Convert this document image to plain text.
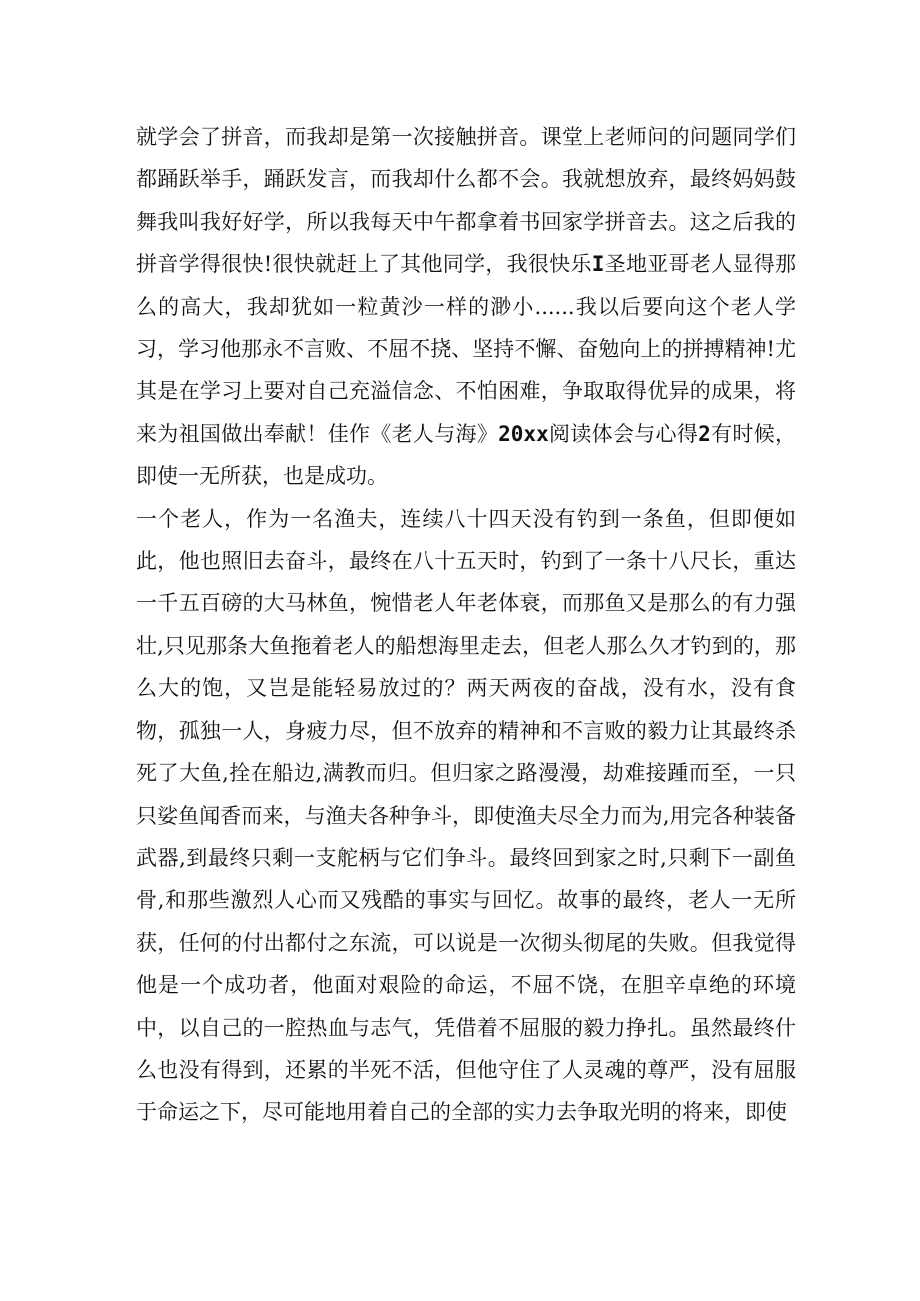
就学会了拼音，而我却是第一次接触拼音。课堂上老师问的问题同学们都踊跃举手，踊跃发言，而我却什么都不会。我就想放弃，最终妈妈鼓舞我叫我好好学，所以我每天中午都拿着书回家学拼音去。这之后我的拼音学得很快!很快就赶上了其他同学，我很快乐I圣地亚哥老人显得那么的高大，我却犹如一粒黄沙一样的渺小......我以后要向这个老人学习，学习他那永不言败、不屈不挠、坚持不懈、奋勉向上的拼搏精神!尤其是在学习上要对自己充溢信念、不怕困难，争取取得优异的成果，将来为祖国做出奉献！佳作《老人与海》20xx阅读体会与心得2有时候，即使一无所获，也是成功。

一个老人，作为一名渔夫，连续八十四天没有钓到一条鱼，但即便如此，他也照旧去奋斗，最终在八十五天时，钓到了一条十八尺长，重达一千五百磅的大马林鱼，惋惜老人年老体衰，而那鱼又是那么的有力强壮,只见那条大鱼拖着老人的船想海里走去，但老人那么久才钓到的，那么大的饱，又岂是能轻易放过的？两天两夜的奋战，没有水，没有食物，孤独一人，身疲力尽，但不放弃的精神和不言败的毅力让其最终杀死了大鱼,拴在船边,满教而归。但归家之路漫漫，劫难接踵而至，一只只娑鱼闻香而来，与渔夫各种争斗，即使渔夫尽全力而为,用完各种装备武器,到最终只剩一支舵柄与它们争斗。最终回到家之时,只剩下一副鱼骨,和那些激烈人心而又残酷的事实与回忆。故事的最终，老人一无所获，任何的付出都付之东流，可以说是一次彻头彻尾的失败。但我觉得他是一个成功者，他面对艰险的命运，不屈不饶，在胆辛卓绝的环境中，以自己的一腔热血与志气，凭借着不屈服的毅力挣扎。虽然最终什么也没有得到，还累的半死不活，但他守住了人灵魂的尊严，没有屈服于命运之下，尽可能地用着自己的全部的实力去争取光明的将来，即使
